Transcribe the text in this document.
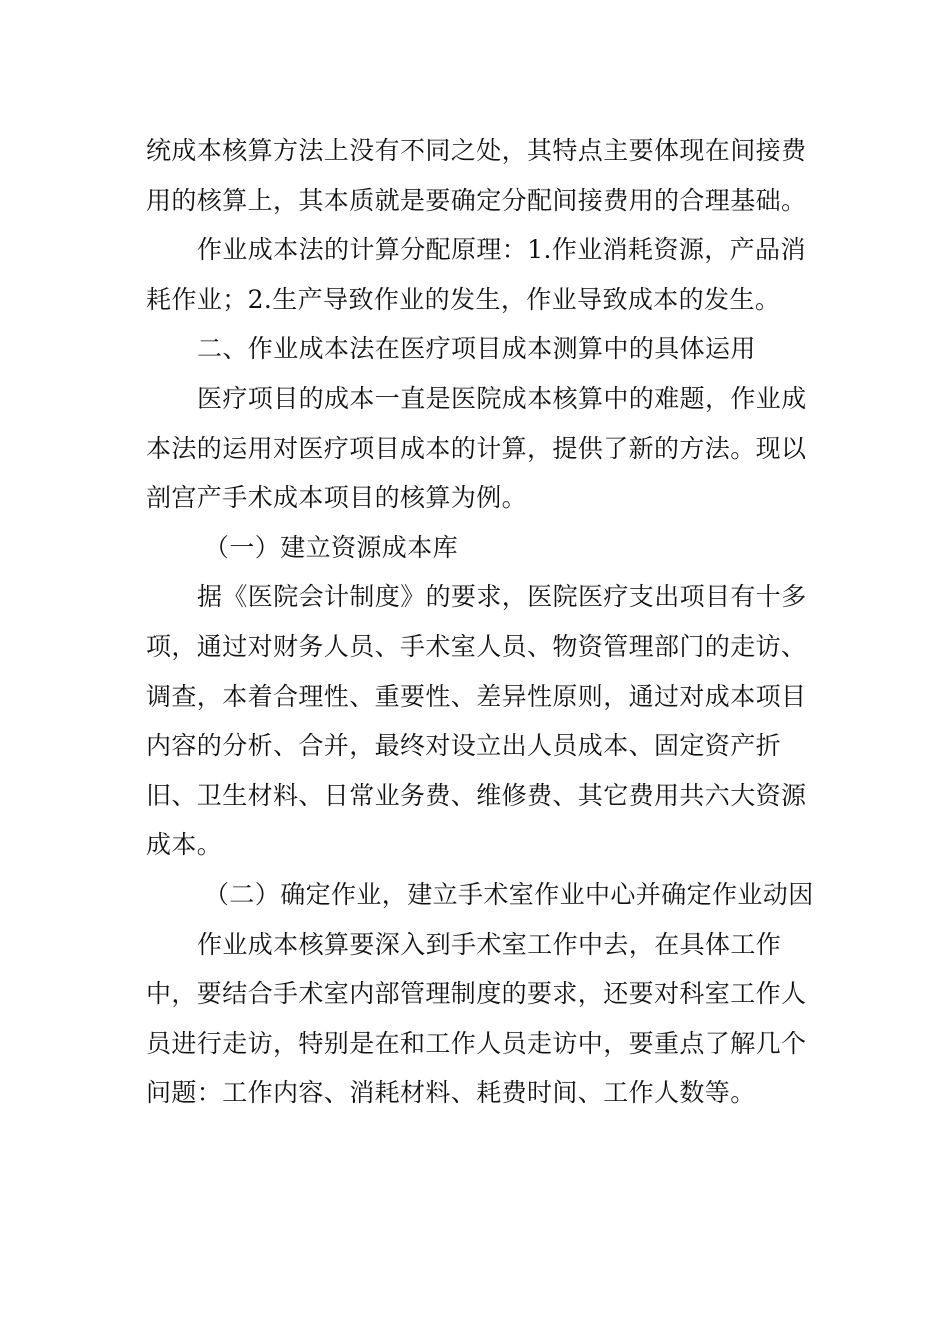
统成本核算方法上没有不同之处，其特点主要体现在间接费用的核算上，其本质就是要确定分配间接费用的合理基础。

作业成本法的计算分配原理：1.作业消耗资源，产品消耗作业；2.生产导致作业的发生，作业导致成本的发生。

二、作业成本法在医疗项目成本测算中的具体运用

医疗项目的成本一直是医院成本核算中的难题，作业成本法的运用对医疗项目成本的计算，提供了新的方法。现以剖宫产手术成本项目的核算为例。

（一）建立资源成本库

据《医院会计制度》的要求，医院医疗支出项目有十多项，通过对财务人员、手术室人员、物资管理部门的走访、调查，本着合理性、重要性、差异性原则，通过对成本项目内容的分析、合并，最终对设立出人员成本、固定资产折旧、卫生材料、日常业务费、维修费、其它费用共六大资源成本。

（二）确定作业，建立手术室作业中心并确定作业动因

作业成本核算要深入到手术室工作中去，在具体工作中，要结合手术室内部管理制度的要求，还要对科室工作人员进行走访，特别是在和工作人员走访中，要重点了解几个问题：工作内容、消耗材料、耗费时间、工作人数等。
